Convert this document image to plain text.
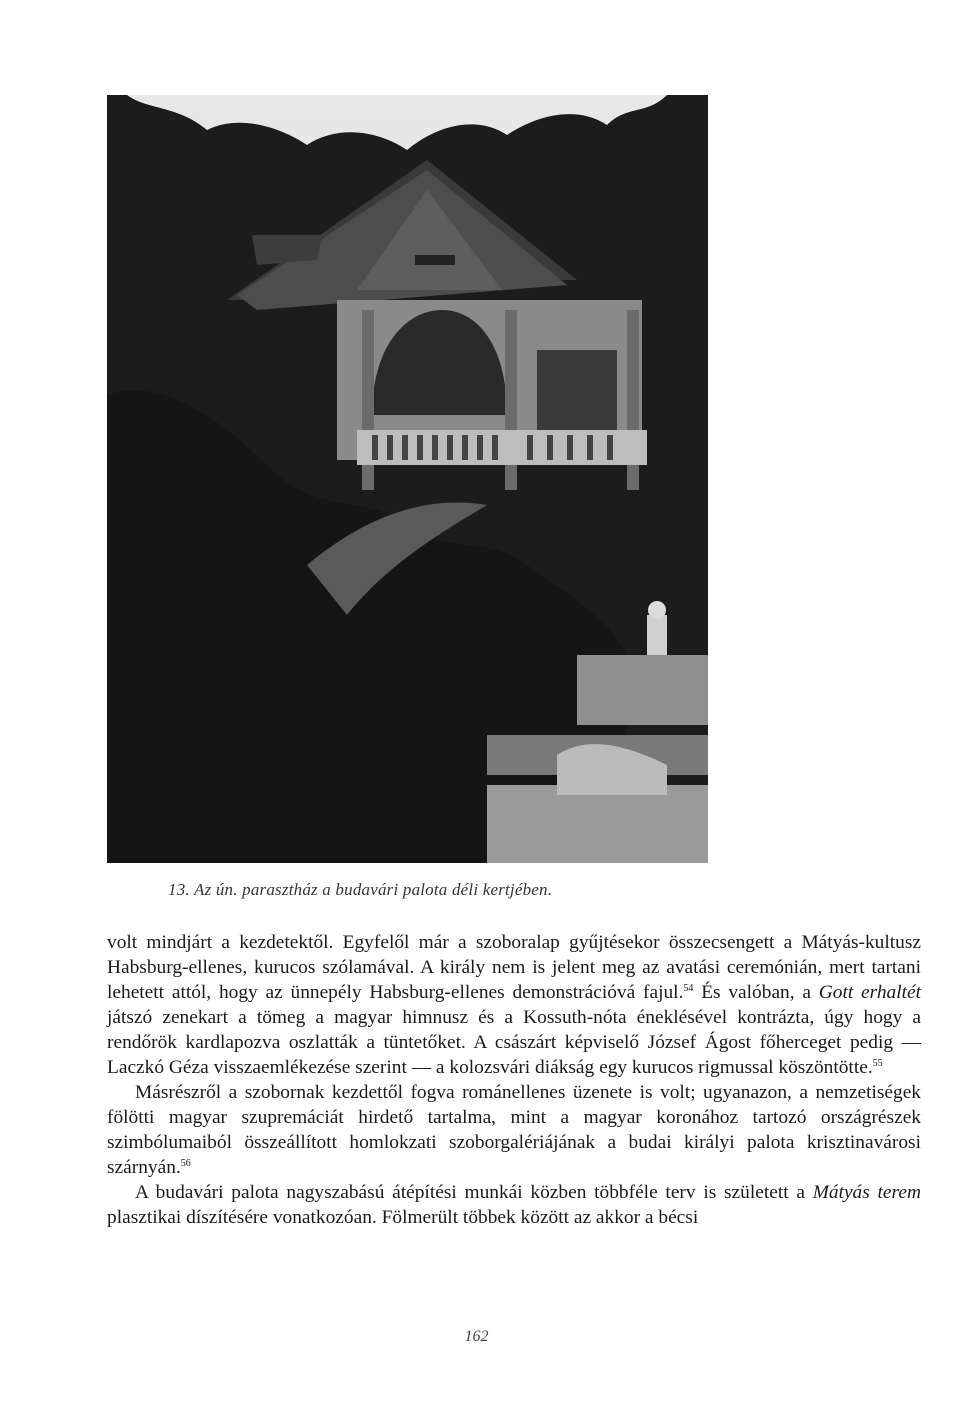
13. Az ún. parasztház a budavári palota déli kertjében.

volt mindjárt a kezdetektől. Egyfelől már a szoboralap gyűjtésekor összecsengett a Mátyás-kultusz Habsburg-ellenes, kurucos szólamával. A király nem is jelent meg az avatási ceremónián, mert tartani lehetett attól, hogy az ünnepély Habsburg-ellenes demonstrációvá fajul.$^{54}$ És valóban, a Gott erhaltét játszó zenekart a tömeg a magyar himnusz és a Kossuth-nóta éneklésével kontrázta, úgy hogy a rendőrök kardlapozva oszlatták a tüntetőket. A császárt képviselő József Ágost főherceget pedig — Laczkó Géza visszaemlékezése szerint — a kolozsvári diákság egy kurucos rigmussal köszöntötte.$^{55}$

Másrészről a szobornak kezdettől fogva románellenes üzenete is volt; ugyanazon, a nemzetiségek fölötti magyar szupremáciát hirdető tartalma, mint a magyar koronához tartozó országrészek szimbólumaiból összeállított homlokzati szoborgalériájának a budai királyi palota krisztinavárosi szárnyán.$^{56}$

A budavári palota nagyszabású átépítési munkái közben többféle terv is született a Mátyás terem plasztikai díszítésére vonatkozóan. Fölmerült többek között az akkor a bécsi

162
